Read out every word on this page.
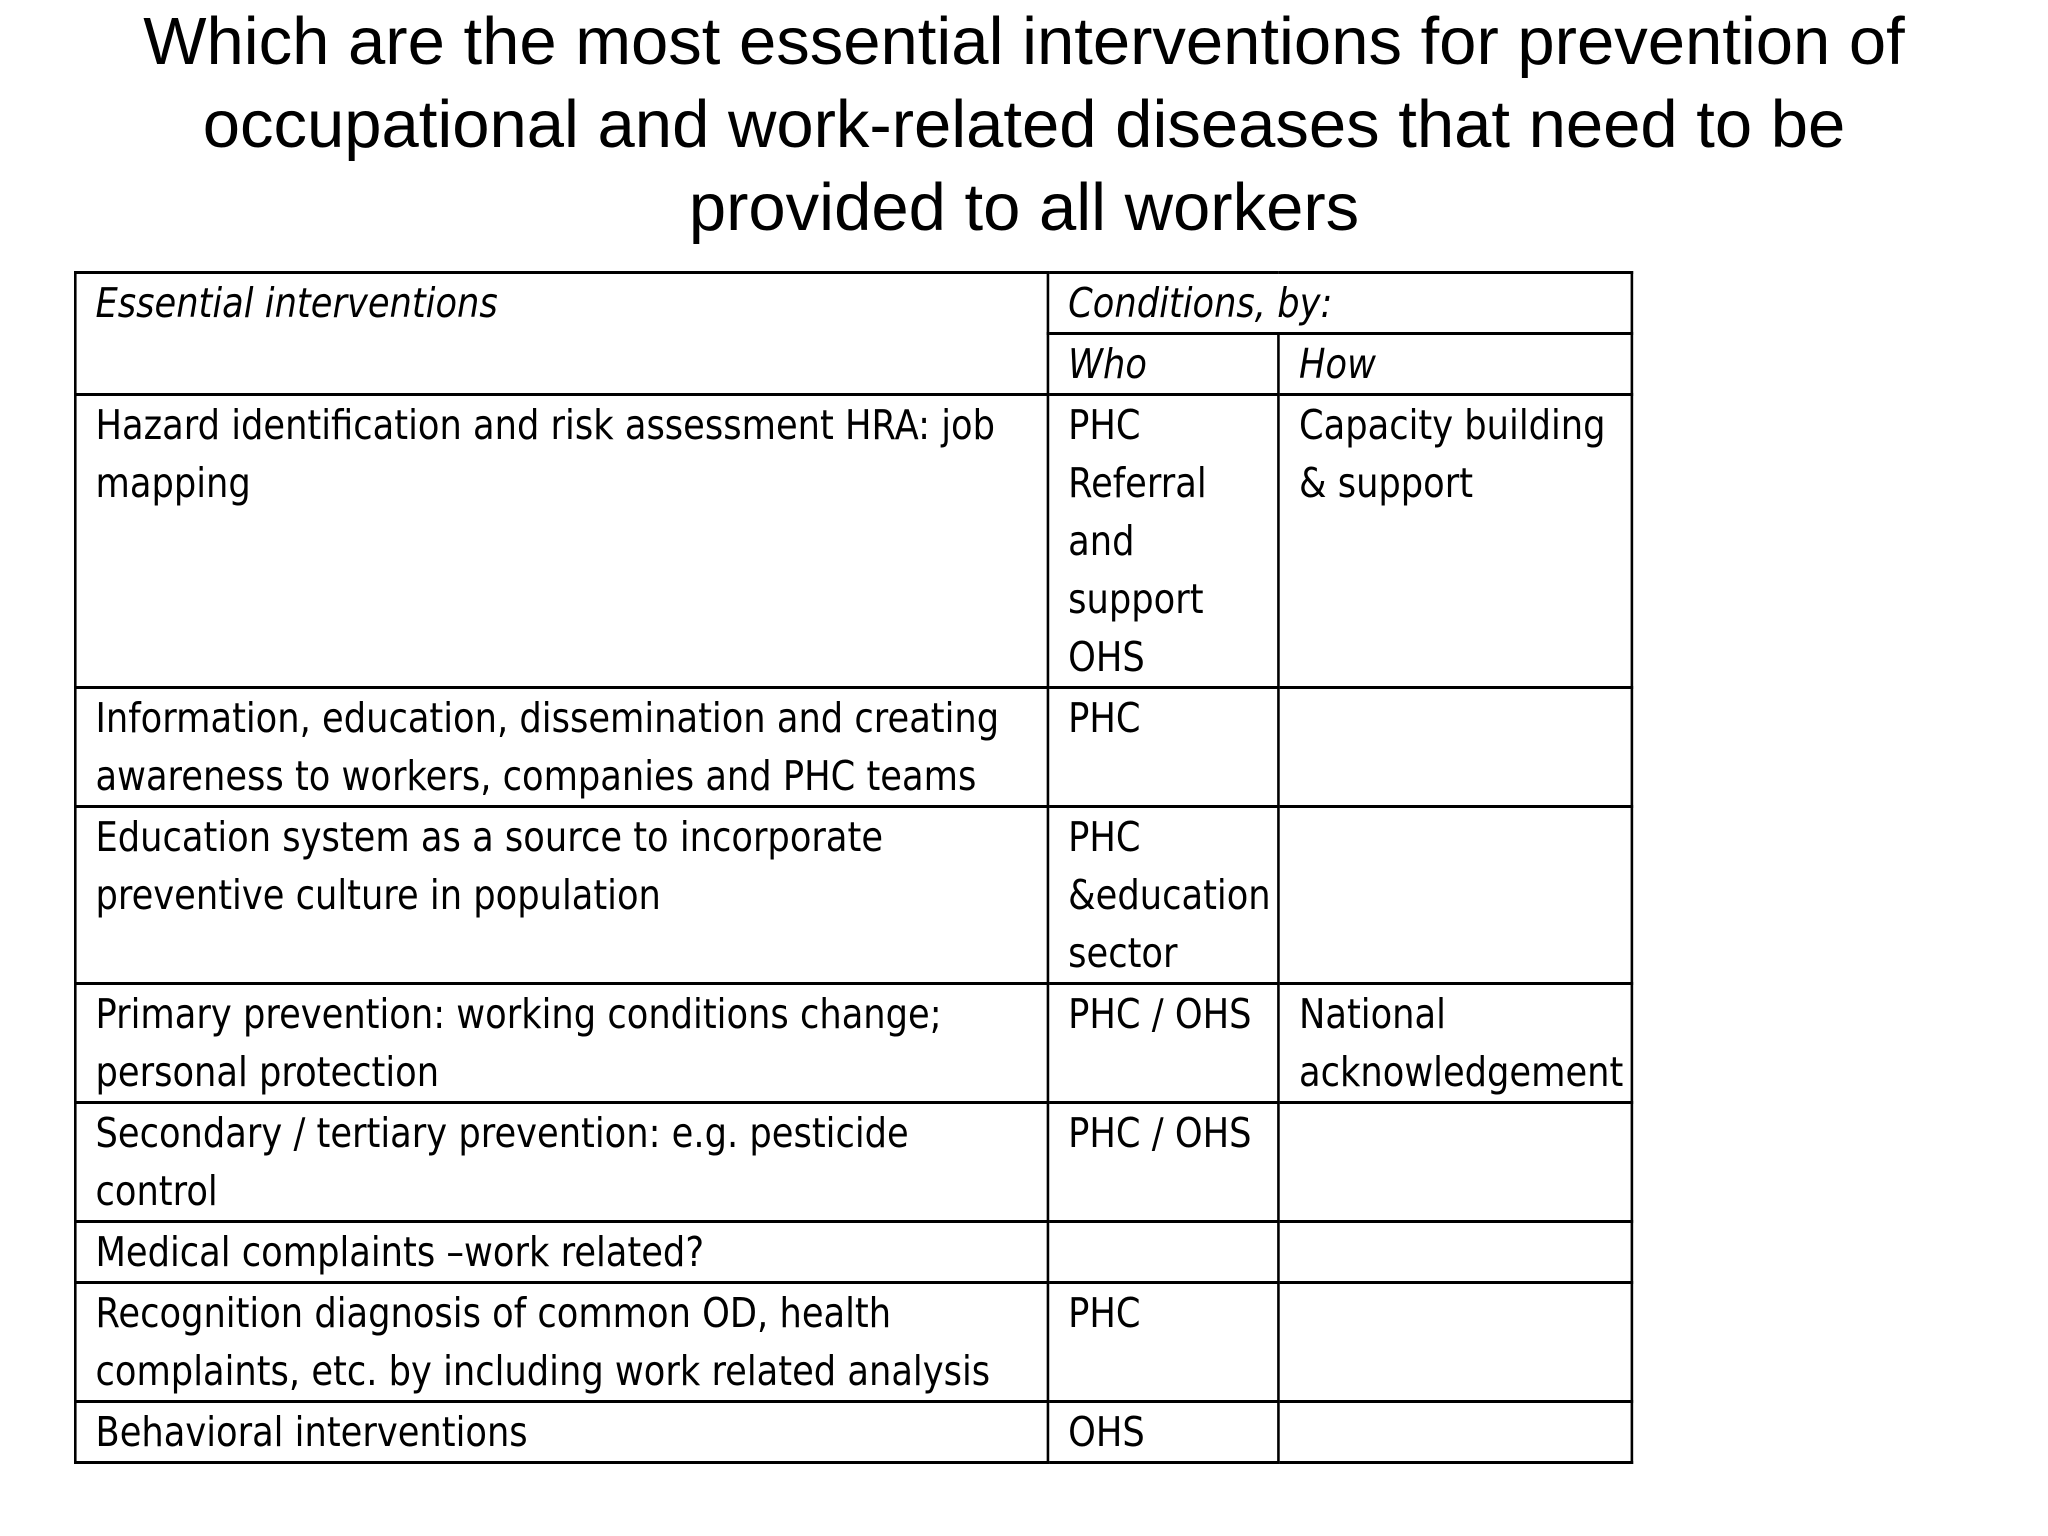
Which are the most essential interventions for prevention of
occupational and work-related diseases that need to be
provided to all workers
Essential interventions	Conditions, by:	
	Who	How
Hazard identification and risk assessment HRA: job mapping	PHC Referral and support OHS	Capacity building & support
Information, education, dissemination and creating awareness to workers, companies and PHC teams	PHC	
Education system as a source to incorporate preventive culture in population	PHC &education sector	
Primary prevention: working conditions change; personal protection	PHC / OHS	National acknowledgement
Secondary / tertiary prevention: e.g. pesticide control	PHC / OHS	
Medical complaints –work related?		
Recognition diagnosis of common OD, health complaints, etc. by including work related analysis	PHC	
Behavioral interventions	OHS	
